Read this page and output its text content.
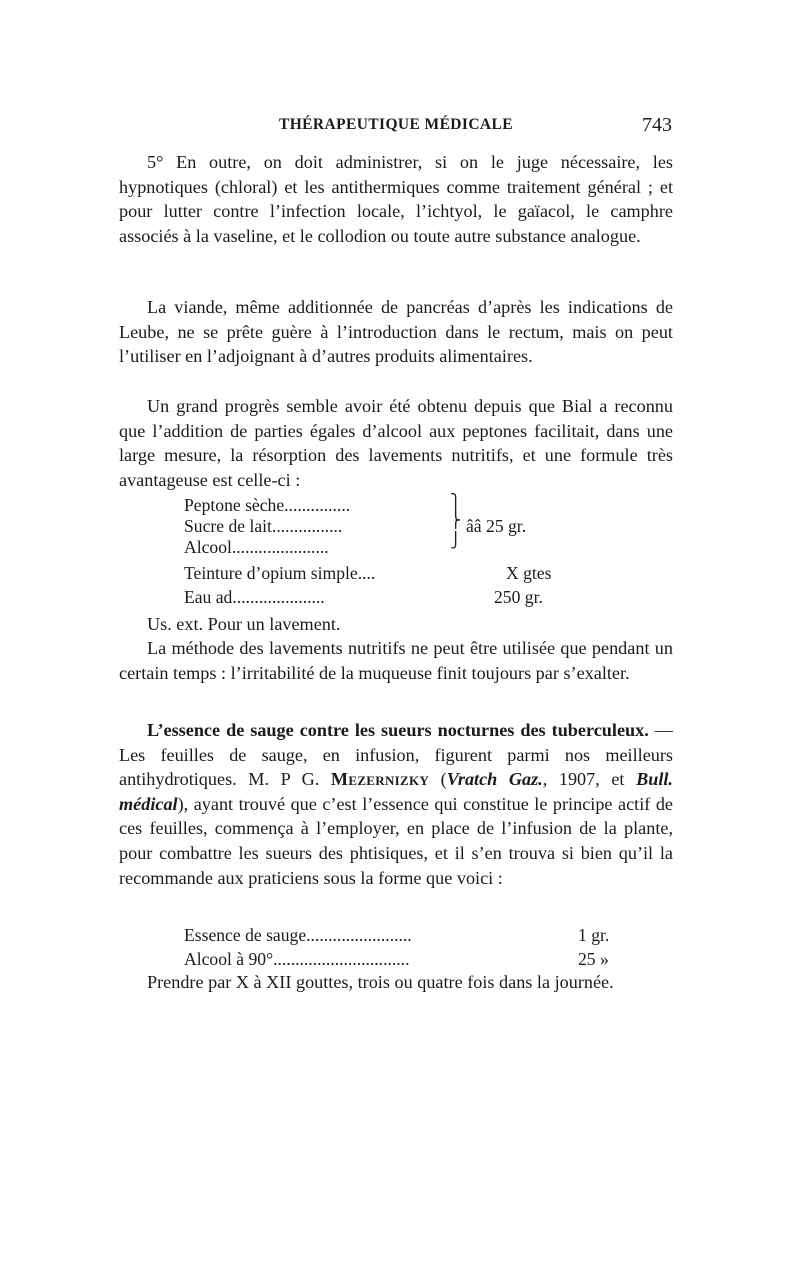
THÉRAPEUTIQUE MÉDICALE	743
5° En outre, on doit administrer, si on le juge nécessaire, les hypnotiques (chloral) et les antithermiques comme traitement général ; et pour lutter contre l’infection locale, l’ichtyol, le gaïacol, le camphre associés à la vaseline, et le collodion ou toute autre substance analogue.
La viande, même additionnée de pancréas d’après les indications de Leube, ne se prête guère à l’introduction dans le rectum, mais on peut l’utiliser en l’adjoignant à d’autres produits alimentaires.
Un grand progrès semble avoir été obtenu depuis que Bial a reconnu que l’addition de parties égales d’alcool aux peptones facilitait, dans une large mesure, la résorption des lavements nutritifs, et une formule très avantageuse est celle-ci :
Peptone sèche...............
Sucre de lait................
Alcool......................
⎫
⎬
⎭
ââ 25 gr.
Teinture d’opium simple....	X gtes
Eau ad.....................	250 gr.
Us. ext. Pour un lavement.
La méthode des lavements nutritifs ne peut être utilisée que pendant un certain temps : l’irritabilité de la muqueuse finit toujours par s’exalter.
L’essence de sauge contre les sueurs nocturnes des tuberculeux. — Les feuilles de sauge, en infusion, figurent parmi nos meilleurs antihydrotiques. M. P G. Mezernizky (Vratch Gaz., 1907, et Bull. médical), ayant trouvé que c’est l’essence qui constitue le principe actif de ces feuilles, commença à l’employer, en place de l’infusion de la plante, pour combattre les sueurs des phtisiques, et il s’en trouva si bien qu’il la recommande aux praticiens sous la forme que voici :
Essence de sauge........................	1 gr.
Alcool à 90°...............................	25 »
Prendre par X à XII gouttes, trois ou quatre fois dans la journée.
